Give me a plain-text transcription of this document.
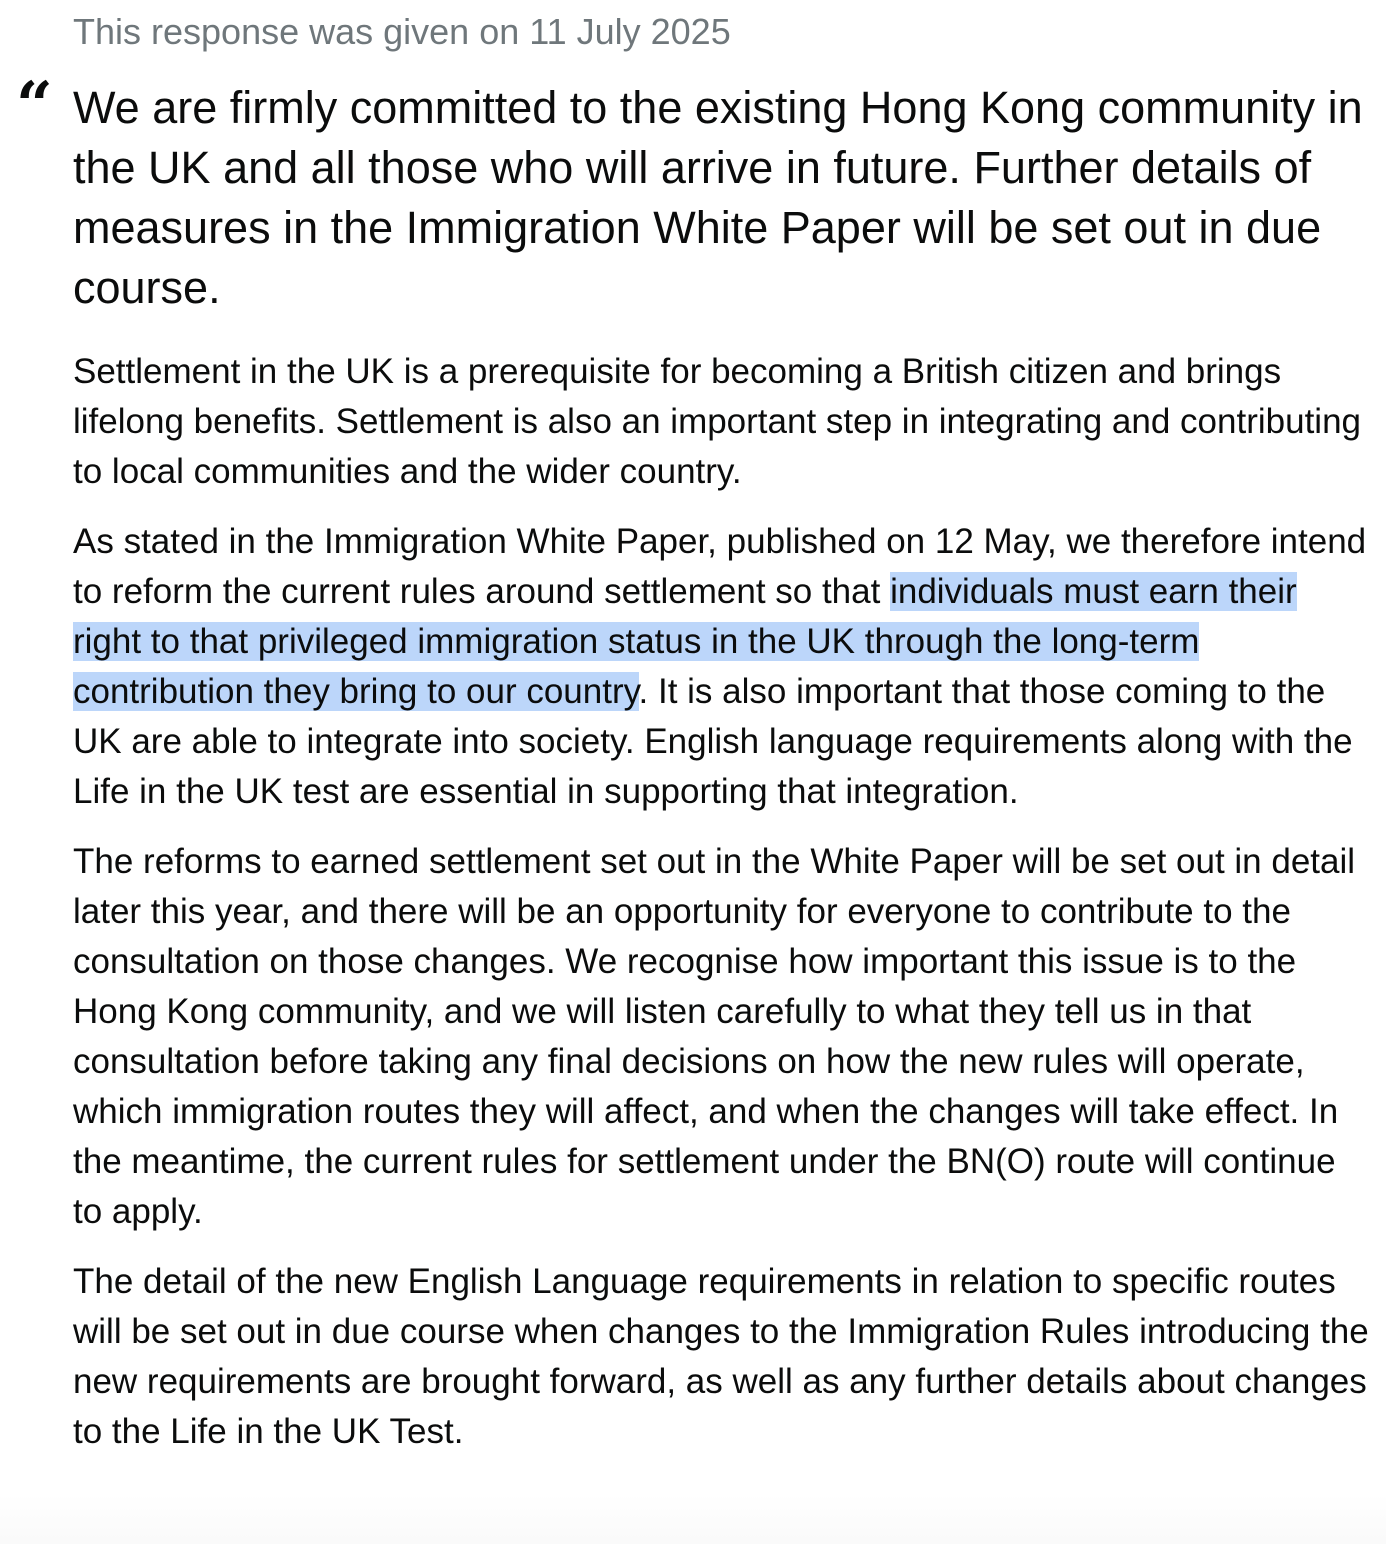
This response was given on 11 July 2025
“ We are firmly committed to the existing Hong Kong community in the UK and all those who will arrive in future. Further details of measures in the Immigration White Paper will be set out in due course.

Settlement in the UK is a prerequisite for becoming a British citizen and brings lifelong benefits. Settlement is also an important step in integrating and contributing to local communities and the wider country.

As stated in the Immigration White Paper, published on 12 May, we therefore intend to reform the current rules around settlement so that individuals must earn their right to that privileged immigration status in the UK through the long-term contribution they bring to our country. It is also important that those coming to the UK are able to integrate into society. English language requirements along with the Life in the UK test are essential in supporting that integration.

The reforms to earned settlement set out in the White Paper will be set out in detail later this year, and there will be an opportunity for everyone to contribute to the consultation on those changes. We recognise how important this issue is to the Hong Kong community, and we will listen carefully to what they tell us in that consultation before taking any final decisions on how the new rules will operate, which immigration routes they will affect, and when the changes will take effect. In the meantime, the current rules for settlement under the BN(O) route will continue to apply.

The detail of the new English Language requirements in relation to specific routes will be set out in due course when changes to the Immigration Rules introducing the new requirements are brought forward, as well as any further details about changes to the Life in the UK Test.
